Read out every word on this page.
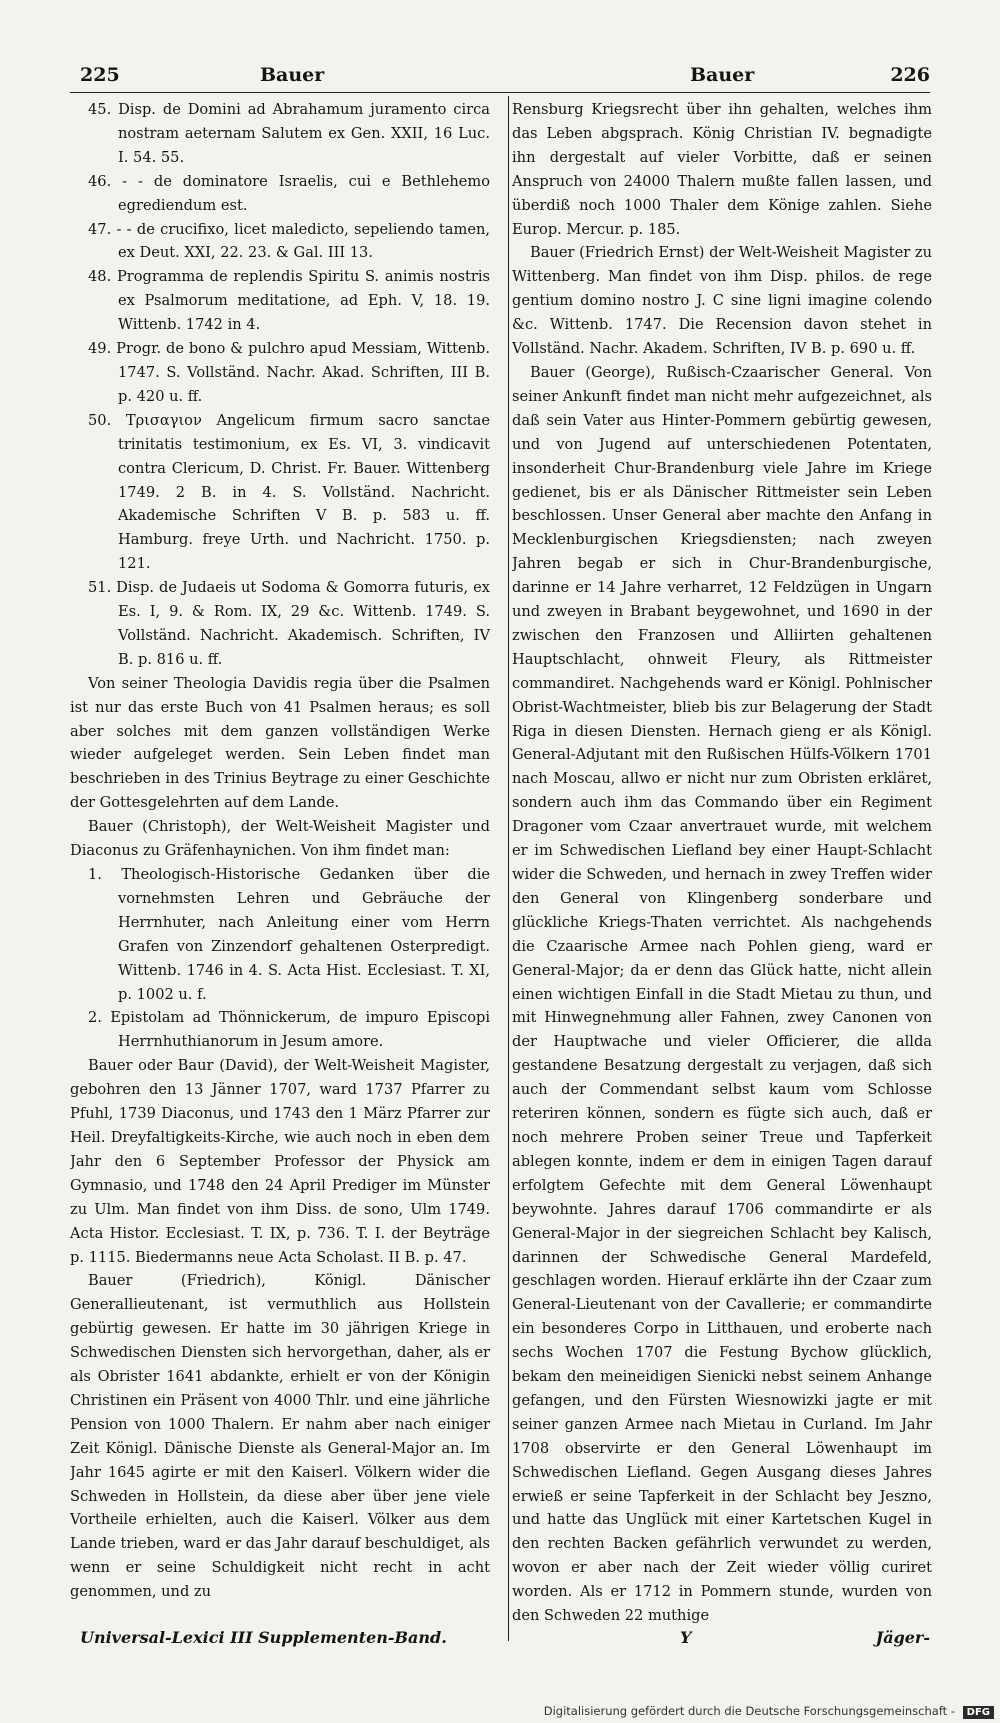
225	Bauer	Bauer	226

45. Disp. de Domini ad Abrahamum juramento circa nostram aeternam Salutem ex Gen. XXII, 16 Luc. I. 54. 55.

46. - - de dominatore Israelis, cui e Bethlehemo egrediendum est.

47. - - de crucifixo, licet maledicto, sepeliendo tamen, ex Deut. XXI, 22. 23. & Gal. III 13.

48. Programma de replendis Spiritu S. animis nostris ex Psalmorum meditatione, ad Eph. V, 18. 19. Wittenb. 1742 in 4.

49. Progr. de bono & pulchro apud Messiam, Wittenb. 1747. S. Vollständ. Nachr. Akad. Schriften, III B. p. 420 u. ff.

50. Τρισαγιον Angelicum firmum sacro sanctae trinitatis testimonium, ex Es. VI, 3. vindicavit contra Clericum, D. Christ. Fr. Bauer. Wittenberg 1749. 2 B. in 4. S. Vollständ. Nachricht. Akademische Schriften V B. p. 583 u. ff. Hamburg. freye Urth. und Nachricht. 1750. p. 121.

51. Disp. de Judaeis ut Sodoma & Gomorra futuris, ex Es. I, 9. & Rom. IX, 29 &c. Wittenb. 1749. S. Vollständ. Nachricht. Akademisch. Schriften, IV B. p. 816 u. ff.

Von seiner Theologia Davidis regia über die Psalmen ist nur das erste Buch von 41 Psalmen heraus; es soll aber solches mit dem ganzen vollständigen Werke wieder aufgeleget werden. Sein Leben findet man beschrieben in des Trinius Beytrage zu einer Geschichte der Gottesgelehrten auf dem Lande.

Bauer (Christoph), der Welt-Weisheit Magister und Diaconus zu Gräfenhaynichen. Von ihm findet man:

1. Theologisch-Historische Gedanken über die vornehmsten Lehren und Gebräuche der Herrnhuter, nach Anleitung einer vom Herrn Grafen von Zinzendorf gehaltenen Osterpredigt. Wittenb. 1746 in 4. S. Acta Hist. Ecclesiast. T. XI, p. 1002 u. f.

2. Epistolam ad Thönnickerum, de impuro Episcopi Herrnhuthianorum in Jesum amore.

Bauer oder Baur (David), der Welt-Weisheit Magister, gebohren den 13 Jänner 1707, ward 1737 Pfarrer zu Pfuhl, 1739 Diaconus, und 1743 den 1 März Pfarrer zur Heil. Dreyfaltigkeits-Kirche, wie auch noch in eben dem Jahr den 6 September Professor der Physick am Gymnasio, und 1748 den 24 April Prediger im Münster zu Ulm. Man findet von ihm Diss. de sono, Ulm 1749. Acta Histor. Ecclesiast. T. IX, p. 736. T. I. der Beyträge p. 1115. Biedermanns neue Acta Scholast. II B. p. 47.

Bauer (Friedrich), Königl. Dänischer Generallieutenant, ist vermuthlich aus Hollstein gebürtig gewesen. Er hatte im 30 jährigen Kriege in Schwedischen Diensten sich hervorgethan, daher, als er als Obrister 1641 abdankte, erhielt er von der Königin Christinen ein Präsent von 4000 Thlr. und eine jährliche Pension von 1000 Thalern. Er nahm aber nach einiger Zeit Königl. Dänische Dienste als General-Major an. Im Jahr 1645 agirte er mit den Kaiserl. Völkern wider die Schweden in Hollstein, da diese aber über jene viele Vortheile erhielten, auch die Kaiserl. Völker aus dem Lande trieben, ward er das Jahr darauf beschuldiget, als wenn er seine Schuldigkeit nicht recht in acht genommen, und zu

Rensburg Kriegsrecht über ihn gehalten, welches ihm das Leben abgsprach. König Christian IV. begnadigte ihn dergestalt auf vieler Vorbitte, daß er seinen Anspruch von 24000 Thalern mußte fallen lassen, und überdiß noch 1000 Thaler dem Könige zahlen. Siehe Europ. Mercur. p. 185.

Bauer (Friedrich Ernst) der Welt-Weisheit Magister zu Wittenberg. Man findet von ihm Disp. philos. de rege gentium domino nostro J. C sine ligni imagine colendo &c. Wittenb. 1747. Die Recension davon stehet in Vollständ. Nachr. Akadem. Schriften, IV B. p. 690 u. ff.

Bauer (George), Rußisch-Czaarischer General. Von seiner Ankunft findet man nicht mehr aufgezeichnet, als daß sein Vater aus Hinter-Pommern gebürtig gewesen, und von Jugend auf unterschiedenen Potentaten, insonderheit Chur-Brandenburg viele Jahre im Kriege gedienet, bis er als Dänischer Rittmeister sein Leben beschlossen. Unser General aber machte den Anfang in Mecklenburgischen Kriegsdiensten; nach zweyen Jahren begab er sich in Chur-Brandenburgische, darinne er 14 Jahre verharret, 12 Feldzügen in Ungarn und zweyen in Brabant beygewohnet, und 1690 in der zwischen den Franzosen und Alliirten gehaltenen Hauptschlacht, ohnweit Fleury, als Rittmeister commandiret. Nachgehends ward er Königl. Pohlnischer Obrist-Wachtmeister, blieb bis zur Belagerung der Stadt Riga in diesen Diensten. Hernach gieng er als Königl. General-Adjutant mit den Rußischen Hülfs-Völkern 1701 nach Moscau, allwo er nicht nur zum Obristen erkläret, sondern auch ihm das Commando über ein Regiment Dragoner vom Czaar anvertrauet wurde, mit welchem er im Schwedischen Liefland bey einer Haupt-Schlacht wider die Schweden, und hernach in zwey Treffen wider den General von Klingenberg sonderbare und glückliche Kriegs-Thaten verrichtet. Als nachgehends die Czaarische Armee nach Pohlen gieng, ward er General-Major; da er denn das Glück hatte, nicht allein einen wichtigen Einfall in die Stadt Mietau zu thun, und mit Hinwegnehmung aller Fahnen, zwey Canonen von der Hauptwache und vieler Officierer, die allda gestandene Besatzung dergestalt zu verjagen, daß sich auch der Commendant selbst kaum vom Schlosse reteriren können, sondern es fügte sich auch, daß er noch mehrere Proben seiner Treue und Tapferkeit ablegen konnte, indem er dem in einigen Tagen darauf erfolgtem Gefechte mit dem General Löwenhaupt beywohnte. Jahres darauf 1706 commandirte er als General-Major in der siegreichen Schlacht bey Kalisch, darinnen der Schwedische General Mardefeld, geschlagen worden. Hierauf erklärte ihn der Czaar zum General-Lieutenant von der Cavallerie; er commandirte ein besonderes Corpo in Litthauen, und eroberte nach sechs Wochen 1707 die Festung Bychow glücklich, bekam den meineidigen Sienicki nebst seinem Anhange gefangen, und den Fürsten Wiesnowizki jagte er mit seiner ganzen Armee nach Mietau in Curland. Im Jahr 1708 observirte er den General Löwenhaupt im Schwedischen Liefland. Gegen Ausgang dieses Jahres erwieß er seine Tapferkeit in der Schlacht bey Jeszno, und hatte das Unglück mit einer Kartetschen Kugel in den rechten Backen gefährlich verwundet zu werden, wovon er aber nach der Zeit wieder völlig curiret worden. Als er 1712 in Pommern stunde, wurden von den Schweden 22 muthige

Universal-Lexici III Supplementen-Band.	Y	Jäger-
Digitalisierung gefördert durch die Deutsche Forschungsgemeinschaft - DFG
